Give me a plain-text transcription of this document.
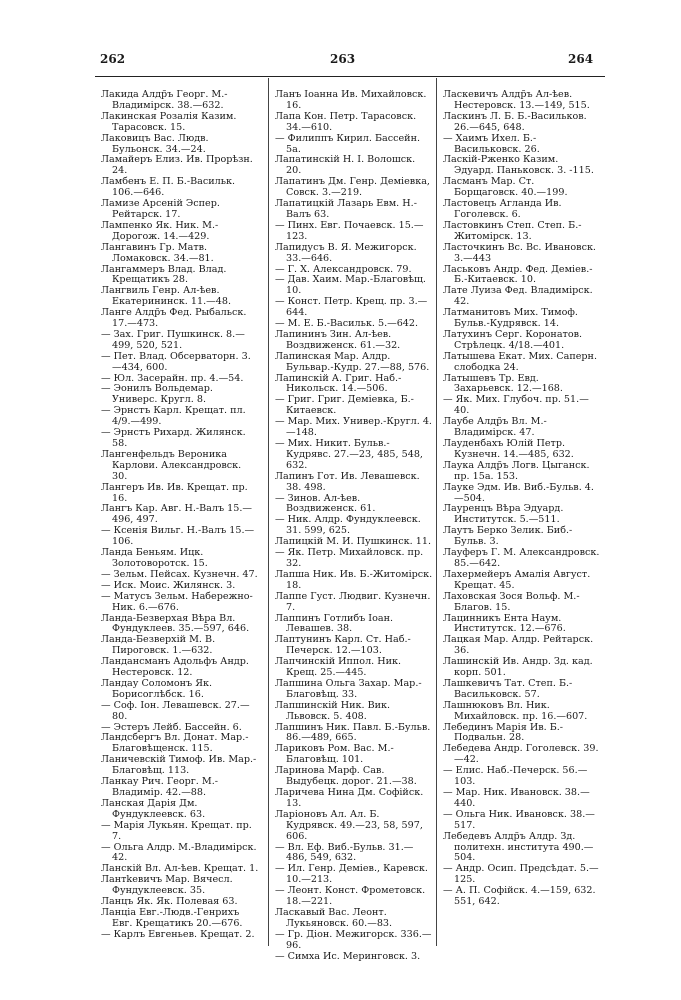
262	263	264

Лакида Алдр̃ъ Георг. М.-Владимірск. 38.—632.

Лакинская Розалія Казим. Тарасовск. 15.

Лаковицъ Вас. Людв. Бульонск. 34.—24.

Ламайеръ Елиз. Ив. Прорѣзн. 24.

Ламбенъ Е. П. Б.-Васильк. 106.—646.

Ламизе Арсеній Эспер. Рейтарск. 17.

Лампенко Як. Ник. М.-Дорогож. 14.—429.

Лангавинъ Гр. Матв. Ломаковск. 34.—81.

Лангаммеръ Влад. Влад. Крещатикъ 28.

Лангвиль Генр. Ал-ѣев. Екатерининск. 11.—48.

Ланге Алдр̃ъ Фед. Рыбальск. 17.—473.

— Зах. Григ. Пушкинск. 8.—499, 520, 521.

— Пет. Влад. Обсерваторн. 3.—434, 600.

— Юл. Засерайн. пр. 4.—54.

— Эонилъ Вольдемар. Универс. Кругл. 8.

— Эрнстъ Карл. Крещат. пл. 4/9.—499.

— Эрнстъ Рихард. Жилянск. 58.

Лангенфельдъ Вероника Карлови. Александровск. 30.

Лангеръ Ив. Ив. Крещат. пр. 16.

Лангъ Кар. Авг. Н.-Валъ 15.—496, 497.

— Ксенія Вильг. Н.-Валъ 15.—106.

Ланда Беньям. Ицк. Золотоворотск. 15.

— Зельм. Пейсах. Кузнечн. 47.

— Иск. Моис. Жилянск. 3.

— Матусъ Зельм. Набережно-Ник. 6.—676.

Ланда-Безверхая Вѣра Вл. Фундуклеев. 35.—597, 646.

Ланда-Безверхій М. В. Пироговск. 1.—632.

Ландансманъ Адольфъ Андр. Нестеровск. 12.

Ландау Соломонъ Як. Борисоглѣбск. 16.

— Соф. Іон. Левашевск. 27.—80.

— Эстеръ Лейб. Бассейн. 6.

Ландсбергъ Вл. Донат. Мар.-Благовѣщенск. 115.

Ланичевскій Тимоф. Ив. Мар.-Благовѣщ. 113.

Ланкау Рич. Георг. М.-Владимір. 42.—88.

Ланская Дарія Дм. Фундуклеевск. 63.

— Марія Лукьян. Крещат. пр. 7.

— Ольга Алдр. М.-Владимірск. 42.

Ланскій Вл. Ал-ѣев. Крещат. 1.

Лантkевичъ Мар. Вячесл. Фундуклеевск. 35.

Ланцъ Як. Як. Полевая 63.

Ланціа Евг.-Людв.-Генрихъ Евг. Крещатикъ 20.—676.

— Карлъ Евгеньев. Крещат. 2.

Ланъ Іоанна Ив. Михайловск. 16.

Лапа Кон. Петр. Тарасовск. 34.—610.

— Филиппъ Кирил. Бассейн. 5а.

Лапатинскій Н. І. Волошск. 20.

Лапатинъ Дм. Генр. Деміевка, Совск. 3.—219.

Лапатицкій Лазарь Евм. Н.-Валъ 63.

— Пинх. Евг. Почаевск. 15.—123.

Лапидусъ В. Я. Межигорск. 33.—646.

— Г. Х. Александровск. 79.

— Дав. Хаим. Мар.-Благовѣщ. 10.

— Конст. Петр. Крещ. пр. 3.—644.

— М. Е. Б.-Васильк. 5.—642.

Лапининъ Зин. Ал-ѣев. Воздвиженск. 61.—32.

Лапинская Мар. Алдр. Бульвар.-Кудр. 27.—88, 576.

Лапинскій А. Григ. Наб.-Никольск. 14.—506.

— Григ. Григ. Деміевка, Б.-Китаевск.

— Мар. Мих. Универ.-Кругл. 4.—148.

— Мих. Никит. Бульв.-Кудрявс. 27.—23, 485, 548, 632.

Лапинъ Гот. Ив. Левашевск. 38. 498.

— Зинов. Ал-ѣев. Воздвиженск. 61.

— Ник. Алдр. Фундуклеевск. 31. 599, 625.

Лапицкій М. И. Пушкинск. 11.

— Як. Петр. Михайловск. пр. 32.

Лапша Ник. Ив. Б.-Житомірск. 18.

Лаппе Густ. Людвиг. Кузнечн. 7.

Лаппинъ Готлибъ Іоан. Левашев. 38.

Лаптунинъ Карл. Ст. Наб.-Печерск. 12.—103.

Лапчинскій Иппол. Ник. Крещ. 25.—445.

Лапшина Ольга Захар. Мар.-Благовѣщ. 33.

Лапшинскій Ник. Вик. Львовск. 5. 408.

Лапшинъ Ник. Павл. Б.-Бульв. 86.—489, 665.

Лариковъ Ром. Вас. М.-Благовѣщ. 101.

Ларинова Марф. Сав. Выдубецк. дорог. 21.—38.

Ларичева Нина Дм. Софійск. 13.

Ларіоновъ Ал. Ал. Б. Кудрявск. 49.—23, 58, 597, 606.

— Вл. Еф. Виб.-Бульв. 31.—486, 549, 632.

— Ил. Генр. Деміев., Каревск. 10.—213.

— Леонт. Конст. Фрометовск. 18.—221.

Ласкавый Вас. Леонт. Лукьяновск. 60.—83.

— Гр. Діон. Межигорск. 336.—96.

— Симха Ис. Меринговск. 3.

Ласкевичъ Алдр̃ъ Ал-ѣев. Нестеровск. 13.—149, 515.

Ласкинъ Л. Б. Б.-Васильков. 26.—645, 648.

— Хаимъ Ихел. Б.-Васильковск. 26.

Ласкій-Рженко Казим. Эдуард. Паньковск. 3. -115.

Ласманъ Мар. Ст. Борщаговск. 40.—199.

Ластовецъ Агланда Ив. Гоголевск. 6.

Ластовкинъ Степ. Степ. Б.-Житомірск. 13.

Ласточкинъ Вс. Вс. Ивановск. 3.—443

Ласьковъ Андр. Фед. Деміев.-Б.-Китаевск. 10.

Лате Луиза Фед. Владимірск. 42.

Латманитовъ Мих. Тимоф. Бульв.-Кудрявск. 14.

Латухинъ Серг. Коронатов. Стрѣлецк. 4/18.—401.

Латышева Екат. Мих. Саперн. слободка 24.

Латышевъ Тр. Евд. Захарьевск. 12.—168.

— Як. Мих. Глубоч. пр. 51.—40.

Лаубе Алдр̃ъ Вл. М.-Владимірск. 47.

Лауденбахъ Юлій Петр. Кузнечн. 14.—485, 632.

Лаука Алдр̃ъ Логв. Цыганск. пр. 15а. 153.

Лауке Эдм. Ив. Виб.-Бульв. 4.—504.

Лауренцъ Вѣра Эдуард. Институтск. 5.—511.

Лаутъ Берко Зелик. Биб.-Бульв. 3.

Лауферъ Г. М. Александровск. 85.—642.

Лахермейеръ Амалія Август. Крещат. 45.

Лаховская Зося Вольф. М.-Благов. 15.

Лацинникъ Ента Наум. Институтск. 12.—676.

Лацкая Мар. Алдр. Рейтарск. 36.

Лашинскій Ив. Андр. Зд. кад. корп. 501.

Лашкевичъ Тат. Степ. Б.-Васильковск. 57.

Лашнюковъ Вл. Ник. Михайловск. пр. 16.—607.

Лебединъ Марія Ив. Б.-Подвальн. 28.

Лебедева Андр. Гоголевск. 39.—42.

— Елис. Наб.-Печерск. 56.—103.

— Мар. Ник. Ивановск. 38.—440.

— Ольга Ник. Ивановск. 38.—517.

Лебедевъ Алдр̃ъ Алдр. Зд. политехн. института 490.—504.

— Андр. Осип. Предсѣдат. 5.—125.

— А. П. Софійск. 4.—159, 632. 551, 642.
